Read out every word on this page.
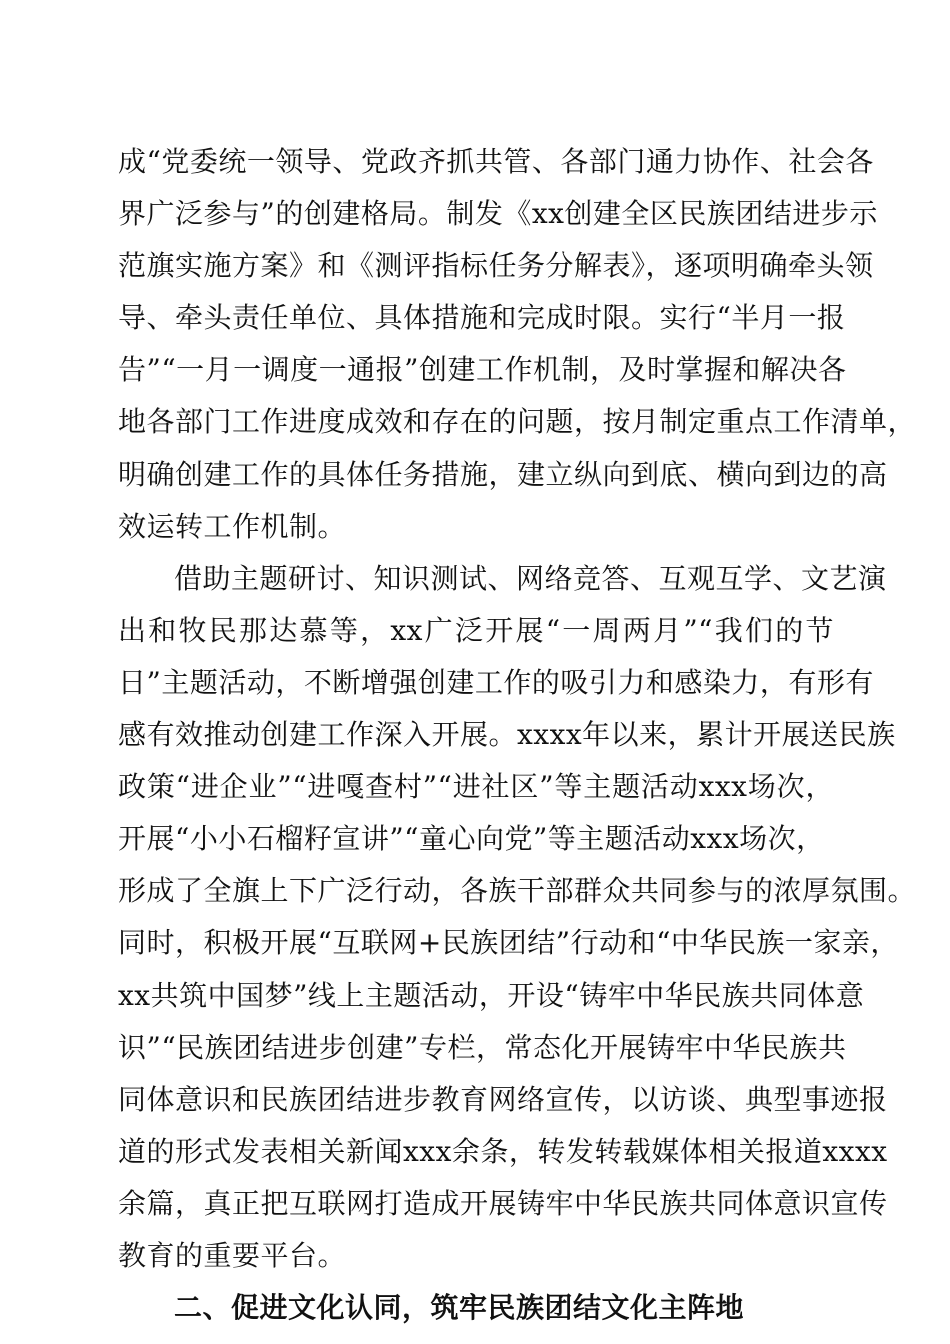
成“党委统一领导、党政齐抓共管、各部门通力协作、社会各
界广泛参与”的创建格局。制发《xx创建全区民族团结进步示
范旗实施方案》和《测评指标任务分解表》，逐项明确牵头领
导、牵头责任单位、具体措施和完成时限。实行“半月一报
告”“一月一调度一通报”创建工作机制，及时掌握和解决各
地各部门工作进度成效和存在的问题，按月制定重点工作清单，
明确创建工作的具体任务措施，建立纵向到底、横向到边的高
效运转工作机制。
借助主题研讨、知识测试、网络竞答、互观互学、文艺演
出和牧民那达慕等，xx广泛开展“一周两月”“我们的节
日”主题活动，不断增强创建工作的吸引力和感染力，有形有
感有效推动创建工作深入开展。xxxx年以来，累计开展送民族
政策“进企业”“进嘎查村”“进社区”等主题活动xxx场次，
开展“小小石榴籽宣讲”“童心向党”等主题活动xxx场次，
形成了全旗上下广泛行动，各族干部群众共同参与的浓厚氛围。
同时，积极开展“互联网+民族团结”行动和“中华民族一家亲，
xx共筑中国梦”线上主题活动，开设“铸牢中华民族共同体意
识”“民族团结进步创建”专栏，常态化开展铸牢中华民族共
同体意识和民族团结进步教育网络宣传，以访谈、典型事迹报
道的形式发表相关新闻xxx余条，转发转载媒体相关报道xxxx
余篇，真正把互联网打造成开展铸牢中华民族共同体意识宣传
教育的重要平台。
二、促进文化认同，筑牢民族团结文化主阵地
